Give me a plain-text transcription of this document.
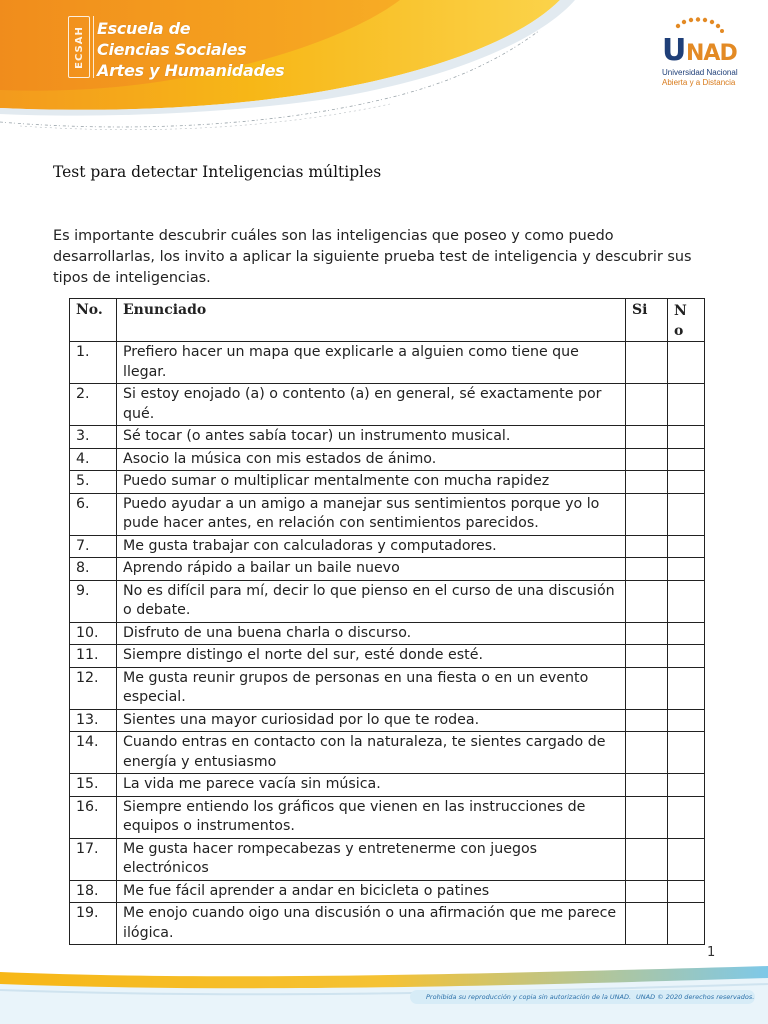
ECSAH Escuela de
Ciencias Sociales
Artes y Humanidades
U NAD
Universidad Nacional
Abierta y a Distancia
Test para detectar Inteligencias múltiples
Es importante descubrir cuáles son las inteligencias que poseo y como puedo desarrollarlas, los invito a aplicar la siguiente prueba test de inteligencia y descubrir sus tipos de inteligencias.
No.	Enunciado	Si	N
o

1.	Prefiero hacer un mapa que explicarle a alguien como tiene que llegar.		
2.	Si estoy enojado (a) o contento (a) en general, sé exactamente por qué.		
3.	Sé tocar (o antes sabía tocar) un instrumento musical.		
4.	Asocio la música con mis estados de ánimo.		
5.	Puedo sumar o multiplicar mentalmente con mucha rapidez		
6.	Puedo ayudar a un amigo a manejar sus sentimientos porque yo lo pude hacer antes, en relación con sentimientos parecidos.		
7.	Me gusta trabajar con calculadoras y computadores.		
8.	Aprendo rápido a bailar un baile nuevo		
9.	No es difícil para mí, decir lo que pienso en el curso de una discusión o debate.		
10.	Disfruto de una buena charla o discurso.		
11.	Siempre distingo el norte del sur, esté donde esté.		
12.	Me gusta reunir grupos de personas en una fiesta o en un evento especial.		
13.	Sientes una mayor curiosidad por lo que te rodea.		
14.	Cuando entras en contacto con la naturaleza, te sientes cargado de energía y entusiasmo		
15.	La vida me parece vacía sin música.		
16.	Siempre entiendo los gráficos que vienen en las instrucciones de equipos o instrumentos.		
17.	Me gusta hacer rompecabezas y entretenerme con juegos electrónicos		
18.	Me fue fácil aprender a andar en bicicleta o patines		
19.	Me enojo cuando oigo una discusión o una afirmación que me parece ilógica.		
1
Prohibida su reproducción y copia sin autorización de la UNAD. UNAD © 2020 derechos reservados.
